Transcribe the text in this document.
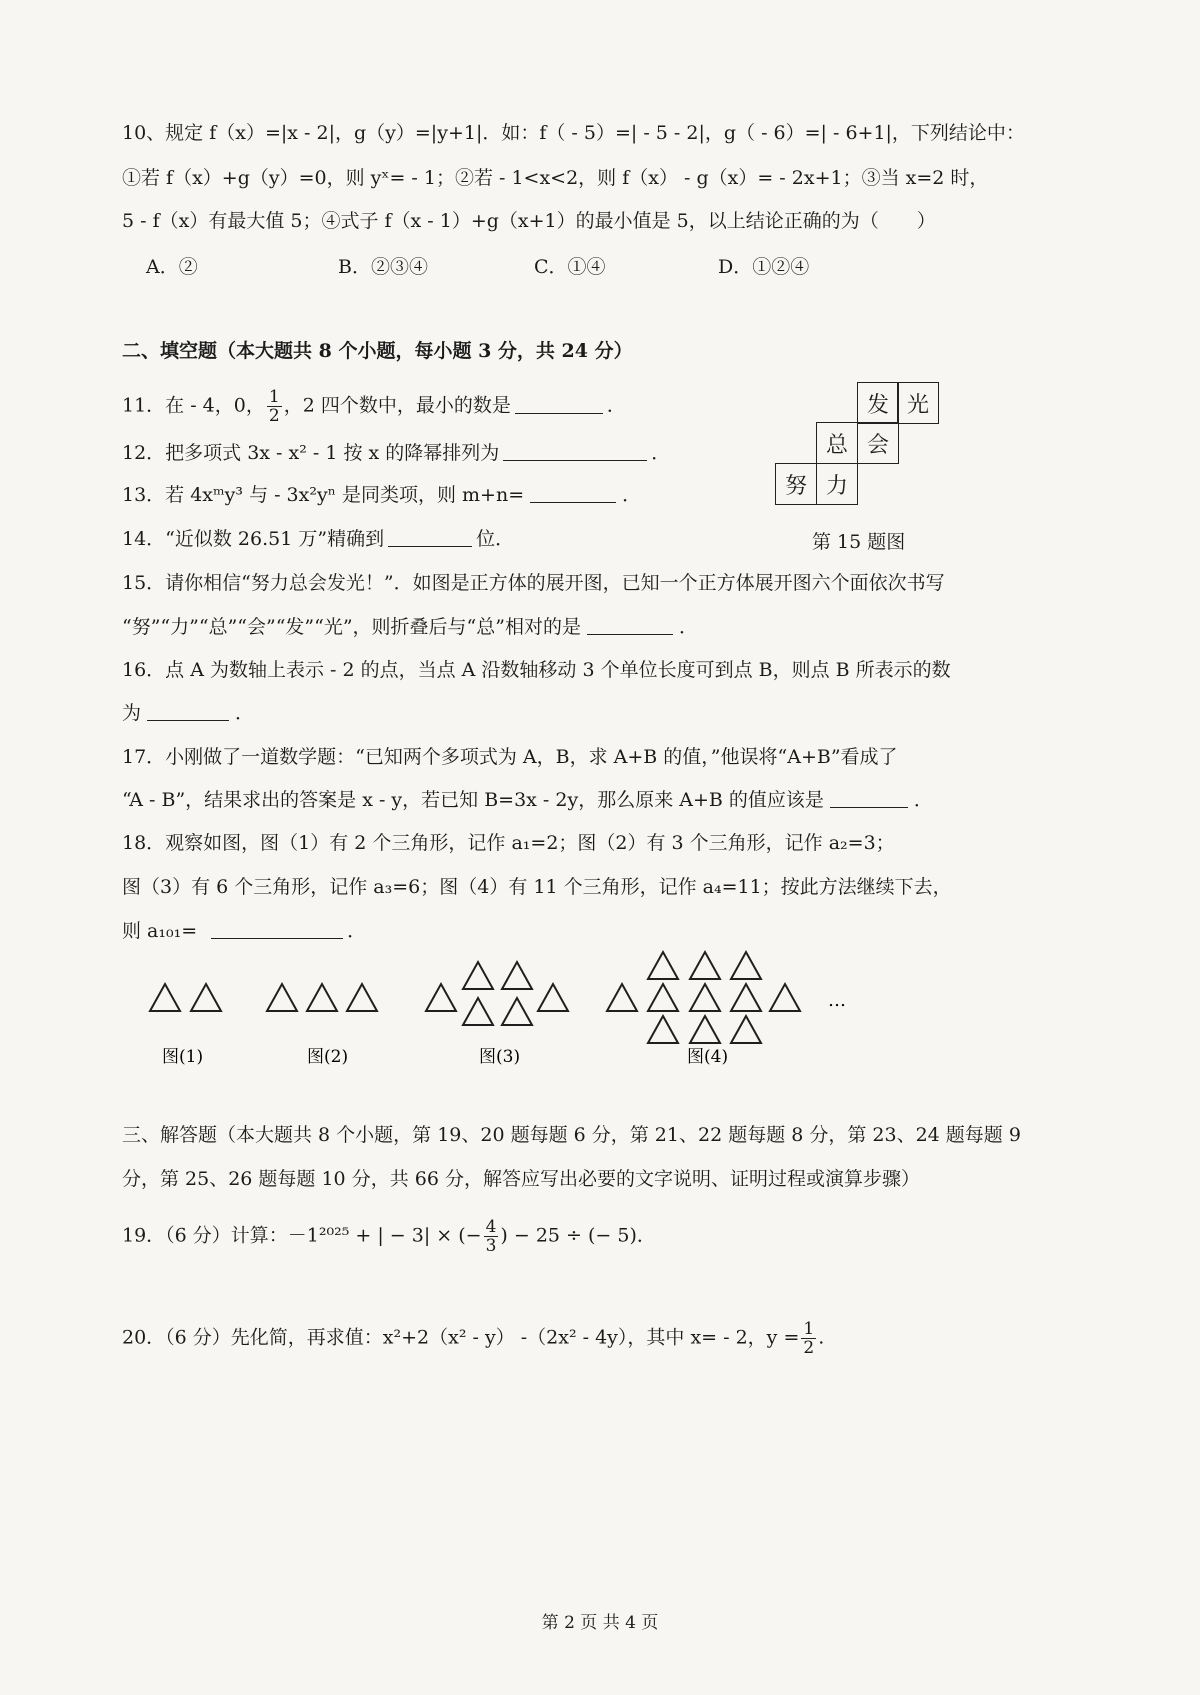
10、规定 f（x）=|x - 2|，g（y）=|y+1|．如：f（ - 5）=| - 5 - 2|，g（ - 6）=| - 6+1|，下列结论中：
①若 f（x）+g（y）=0，则 yˣ= - 1；②若 - 1<x<2，则 f（x） - g（x）= - 2x+1；③当 x=2 时，
5 - f（x）有最大值 5；④式子 f（x - 1）+g（x+1）的最小值是 5，以上结论正确的为（　　）
A．②	B．②③④	C．①④	D．①②④
二、填空题（本大题共 8 个小题，每小题 3 分，共 24 分）
11．在 - 4，0， $\frac{1}{2}$ ，2 四个数中，最小的数是	．
12．把多项式 3x - x² - 1 按 x 的降幂排列为	．
13．若 4xᵐy³ 与 - 3x²yⁿ 是同类项，则 m+n=	．
14．“近似数 26.51 万”精确到	位．
发 光
总 会
努 力
第 15 题图
15．请你相信“努力总会发光！”．如图是正方体的展开图，已知一个正方体展开图六个面依次书写
“努”“力”“总”“会”“发”“光”，则折叠后与“总”相对的是	．
16．点 A 为数轴上表示 - 2 的点，当点 A 沿数轴移动 3 个单位长度可到点 B，则点 B 所表示的数
为	．
17．小刚做了一道数学题：“已知两个多项式为 A，B，求 A+B 的值，”他误将“A+B”看成了
“A - B”，结果求出的答案是 x - y，若已知 B=3x - 2y，那么原来 A+B 的值应该是	．
18．观察如图，图（1）有 2 个三角形，记作 a₁=2；图（2）有 3 个三角形，记作 a₂=3；
图（3）有 6 个三角形，记作 a₃=6；图（4）有 11 个三角形，记作 a₄=11；按此方法继续下去，
则 a₁₀₁=	．
图(1)	图(2)	图(3)	图(4)
…
三、解答题（本大题共 8 个小题，第 19、20 题每题 6 分，第 21、22 题每题 8 分，第 23、24 题每题 9
分，第 25、26 题每题 10 分，共 66 分，解答应写出必要的文字说明、证明过程或演算步骤）
19．（6 分）计算：－1²⁰²⁵ + | − 3| × (− $\frac{4}{3}$ ) − 25 ÷ (− 5)．
20．（6 分）先化简，再求值：x²+2（x² - y） -（2x² - 4y），其中 x= - 2，$y = \frac{1}{2}$ .
第 2 页 共 4 页
